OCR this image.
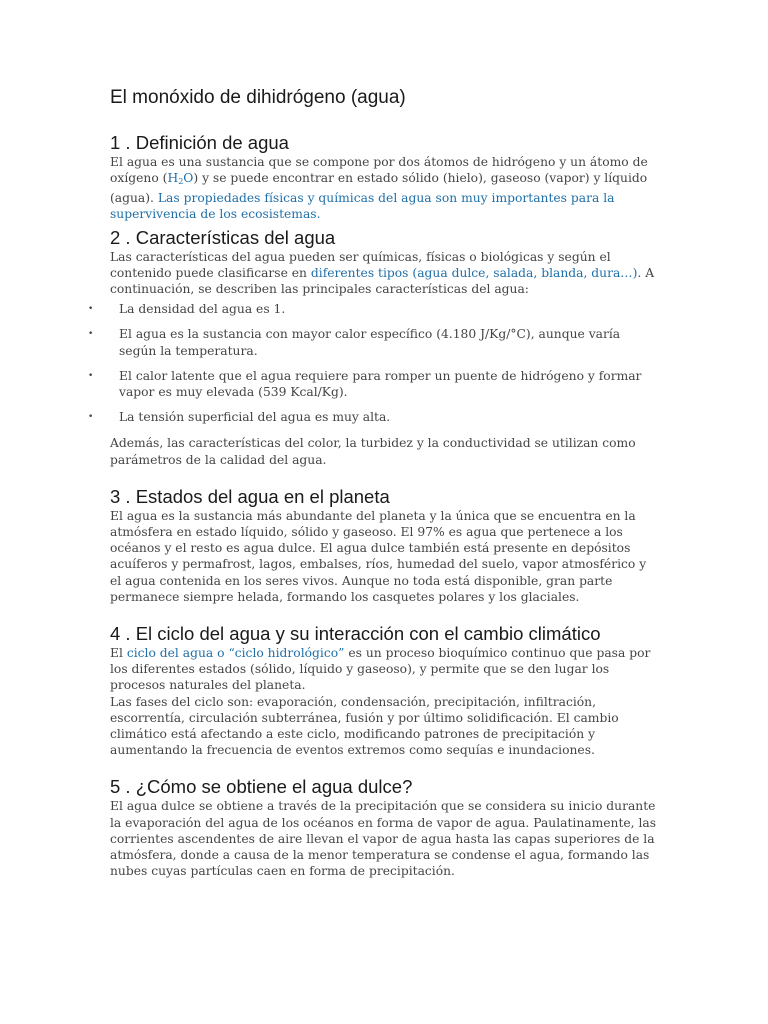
El monóxido de dihidrógeno (agua)
1 . Definición de agua

El agua es una sustancia que se compone por dos átomos de hidrógeno y un átomo de oxígeno $(H_2O)$ y se puede encontrar en estado sólido (hielo), gaseoso (vapor) y líquido (agua). Las propiedades físicas y químicas del agua son muy importantes para la supervivencia de los ecosistemas.

2 . Características del agua

Las características del agua pueden ser químicas, físicas o biológicas y según el contenido puede clasificarse en diferentes tipos (agua dulce, salada, blanda, dura…). A continuación, se describen las principales características del agua:

• La densidad del agua es 1.
• El agua es la sustancia con mayor calor específico (4.180 J/Kg/°C), aunque varía según la temperatura.
• El calor latente que el agua requiere para romper un puente de hidrógeno y formar vapor es muy elevada (539 Kcal/Kg).
• La tensión superficial del agua es muy alta.

Además, las características del color, la turbidez y la conductividad se utilizan como parámetros de la calidad del agua.

3 . Estados del agua en el planeta

El agua es la sustancia más abundante del planeta y la única que se encuentra en la atmósfera en estado líquido, sólido y gaseoso. El 97% es agua que pertenece a los océanos y el resto es agua dulce. El agua dulce también está presente en depósitos acuíferos y permafrost, lagos, embalses, ríos, humedad del suelo, vapor atmosférico y el agua contenida en los seres vivos. Aunque no toda está disponible, gran parte permanece siempre helada, formando los casquetes polares y los glaciales.

4 . El ciclo del agua y su interacción con el cambio climático

El ciclo del agua o “ciclo hidrológico” es un proceso bioquímico continuo que pasa por los diferentes estados (sólido, líquido y gaseoso), y permite que se den lugar los procesos naturales del planeta.

Las fases del ciclo son: evaporación, condensación, precipitación, infiltración, escorrentía, circulación subterránea, fusión y por último solidificación. El cambio climático está afectando a este ciclo, modificando patrones de precipitación y aumentando la frecuencia de eventos extremos como sequías e inundaciones.

5 . ¿Cómo se obtiene el agua dulce?

El agua dulce se obtiene a través de la precipitación que se considera su inicio durante la evaporación del agua de los océanos en forma de vapor de agua. Paulatinamente, las corrientes ascendentes de aire llevan el vapor de agua hasta las capas superiores de la atmósfera, donde a causa de la menor temperatura se condense el agua, formando las nubes cuyas partículas caen en forma de precipitación.
